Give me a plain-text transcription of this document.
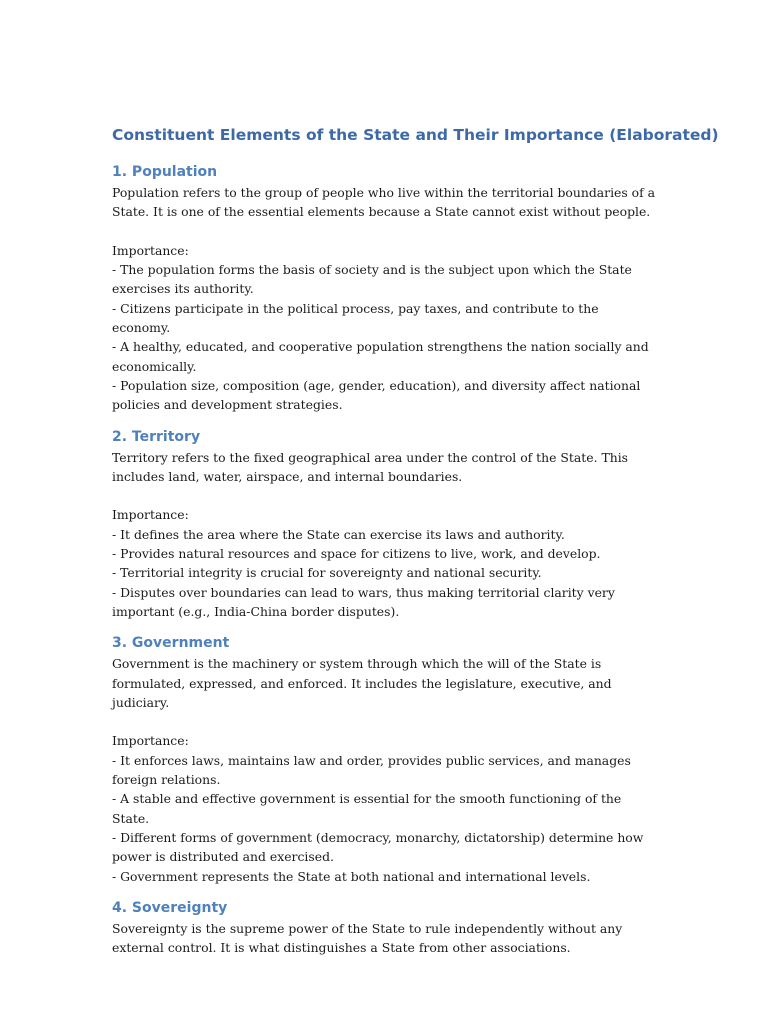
Constituent Elements of the State and Their Importance (Elaborated)
1. Population

Population refers to the group of people who live within the territorial boundaries of a State. It is one of the essential elements because a State cannot exist without people.

Importance:

- The population forms the basis of society and is the subject upon which the State exercises its authority.

- Citizens participate in the political process, pay taxes, and contribute to the economy.

- A healthy, educated, and cooperative population strengthens the nation socially and economically.

- Population size, composition (age, gender, education), and diversity affect national policies and development strategies.

2. Territory

Territory refers to the fixed geographical area under the control of the State. This includes land, water, airspace, and internal boundaries.

Importance:

- It defines the area where the State can exercise its laws and authority.

- Provides natural resources and space for citizens to live, work, and develop.

- Territorial integrity is crucial for sovereignty and national security.

- Disputes over boundaries can lead to wars, thus making territorial clarity very important (e.g., India-China border disputes).

3. Government

Government is the machinery or system through which the will of the State is formulated, expressed, and enforced. It includes the legislature, executive, and judiciary.

Importance:

- It enforces laws, maintains law and order, provides public services, and manages foreign relations.

- A stable and effective government is essential for the smooth functioning of the State.

- Different forms of government (democracy, monarchy, dictatorship) determine how power is distributed and exercised.

- Government represents the State at both national and international levels.

4. Sovereignty

Sovereignty is the supreme power of the State to rule independently without any external control. It is what distinguishes a State from other associations.
